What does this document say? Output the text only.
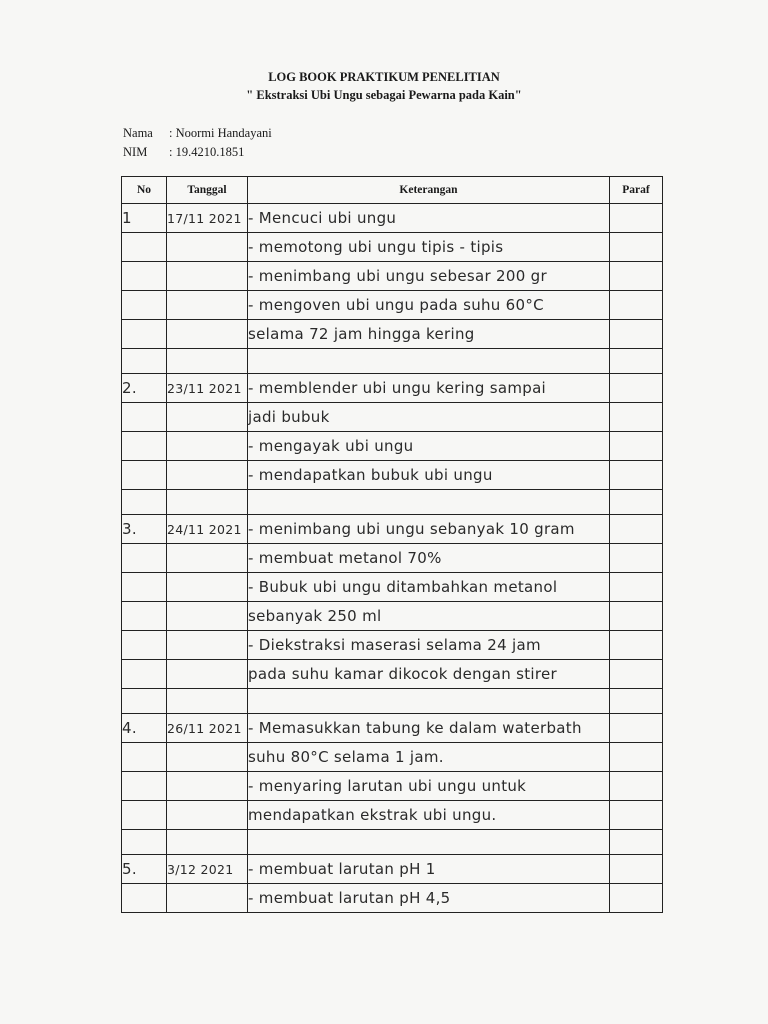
LOG BOOK PRAKTIKUM PENELITIAN
" Ekstraksi Ubi Ungu sebagai Pewarna pada Kain"
Nama : Noormi Handayani
NIM : 19.4210.1851
No	Tanggal	Keterangan	Paraf
1	17/11 2021	- Mencuci ubi ungu	
		- memotong ubi ungu tipis - tipis	
		- menimbang ubi ungu sebesar 200 gr	
		- mengoven ubi ungu pada suhu 60°C	
		selama 72 jam hingga kering	

2.	23/11 2021	- memblender ubi ungu kering sampai	
		jadi bubuk	
		- mengayak ubi ungu	
		- mendapatkan bubuk ubi ungu	

3.	24/11 2021	- menimbang ubi ungu sebanyak 10 gram	
		- membuat metanol 70%	
		- Bubuk ubi ungu ditambahkan metanol	
		sebanyak 250 ml	
		- Diekstraksi maserasi selama 24 jam	
		pada suhu kamar dikocok dengan stirer	

4.	26/11 2021	- Memasukkan tabung ke dalam waterbath	
		suhu 80°C selama 1 jam.	
		- menyaring larutan ubi ungu untuk	
		mendapatkan ekstrak ubi ungu.	

5.	3/12 2021	- membuat larutan pH 1	
		- membuat larutan pH 4,5	
